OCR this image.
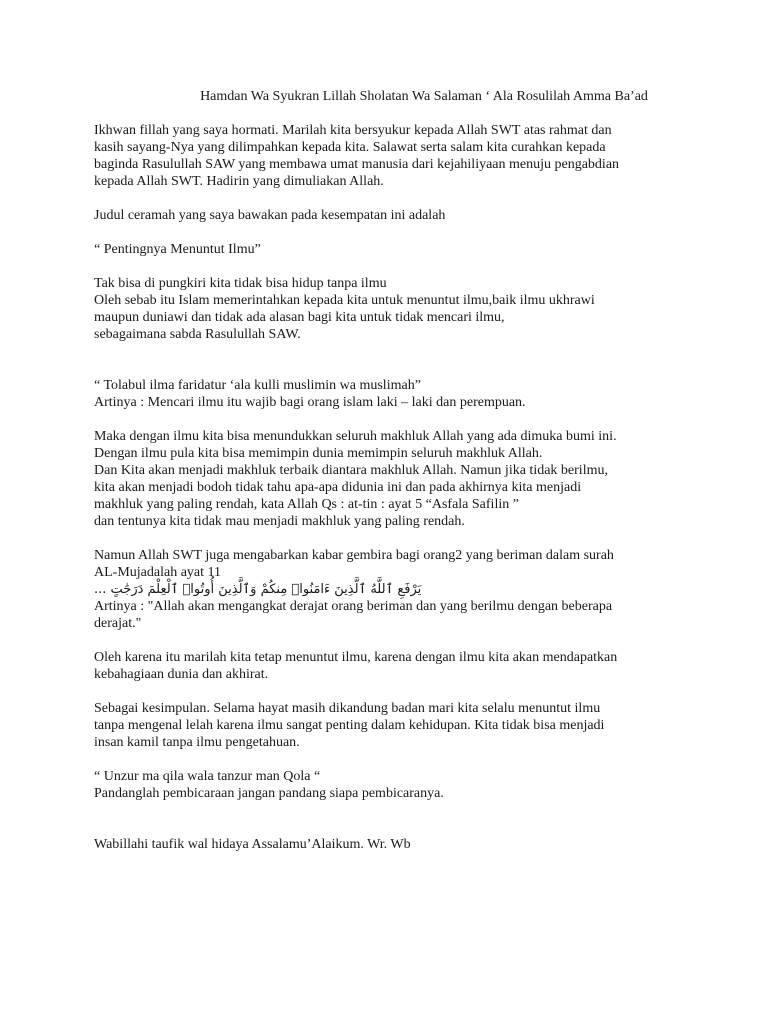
Hamdan Wa Syukran Lillah Sholatan Wa Salaman ‘ Ala Rosulilah Amma Ba’ad
Ikhwan fillah yang saya hormati. Marilah kita bersyukur kepada Allah SWT atas rahmat dan
kasih sayang-Nya yang dilimpahkan kepada kita. Salawat serta salam kita curahkan kepada
baginda Rasulullah SAW yang membawa umat manusia dari kejahiliyaan menuju pengabdian
kepada Allah SWT. Hadirin yang dimuliakan Allah.
Judul ceramah yang saya bawakan pada kesempatan ini adalah
“ Pentingnya Menuntut Ilmu”
Tak bisa di pungkiri kita tidak bisa hidup tanpa ilmu
Oleh sebab itu Islam memerintahkan kepada kita untuk menuntut ilmu,baik ilmu ukhrawi
maupun duniawi dan tidak ada alasan bagi kita untuk tidak mencari ilmu,
sebagaimana sabda Rasulullah SAW.
“ Tolabul ilma faridatur ‘ala kulli muslimin wa muslimah”
Artinya : Mencari ilmu itu wajib bagi orang islam laki – laki dan perempuan.
Maka dengan ilmu kita bisa menundukkan seluruh makhluk Allah yang ada dimuka bumi ini.
Dengan ilmu pula kita bisa memimpin dunia memimpin seluruh makhluk Allah.
Dan Kita akan menjadi makhluk terbaik diantara makhluk Allah. Namun jika tidak berilmu,
kita akan menjadi bodoh tidak tahu apa-apa didunia ini dan pada akhirnya kita menjadi
makhluk yang paling rendah, kata Allah Qs : at-tin : ayat 5 “Asfala Safilin ”
dan tentunya kita tidak mau menjadi makhluk yang paling rendah.
Namun Allah SWT juga mengabarkan kabar gembira bagi orang2 yang beriman dalam surah
AL-Mujadalah ayat 11
يَرْفَعِ ٱللَّهُ ٱلَّذِينَ ءَامَنُوا۟ مِنكُمْ وَٱلَّذِينَ أُوتُوا۟ ٱلْعِلْمَ دَرَجَٰتٍ ...
Artinya : "Allah akan mengangkat derajat orang beriman dan yang berilmu dengan beberapa
derajat."
Oleh karena itu marilah kita tetap menuntut ilmu, karena dengan ilmu kita akan mendapatkan
kebahagiaan dunia dan akhirat.
Sebagai kesimpulan. Selama hayat masih dikandung badan mari kita selalu menuntut ilmu
tanpa mengenal lelah karena ilmu sangat penting dalam kehidupan. Kita tidak bisa menjadi
insan kamil tanpa ilmu pengetahuan.
“ Unzur ma qila wala tanzur man Qola “
Pandanglah pembicaraan jangan pandang siapa pembicaranya.
Wabillahi taufik wal hidaya Assalamu’Alaikum. Wr. Wb
